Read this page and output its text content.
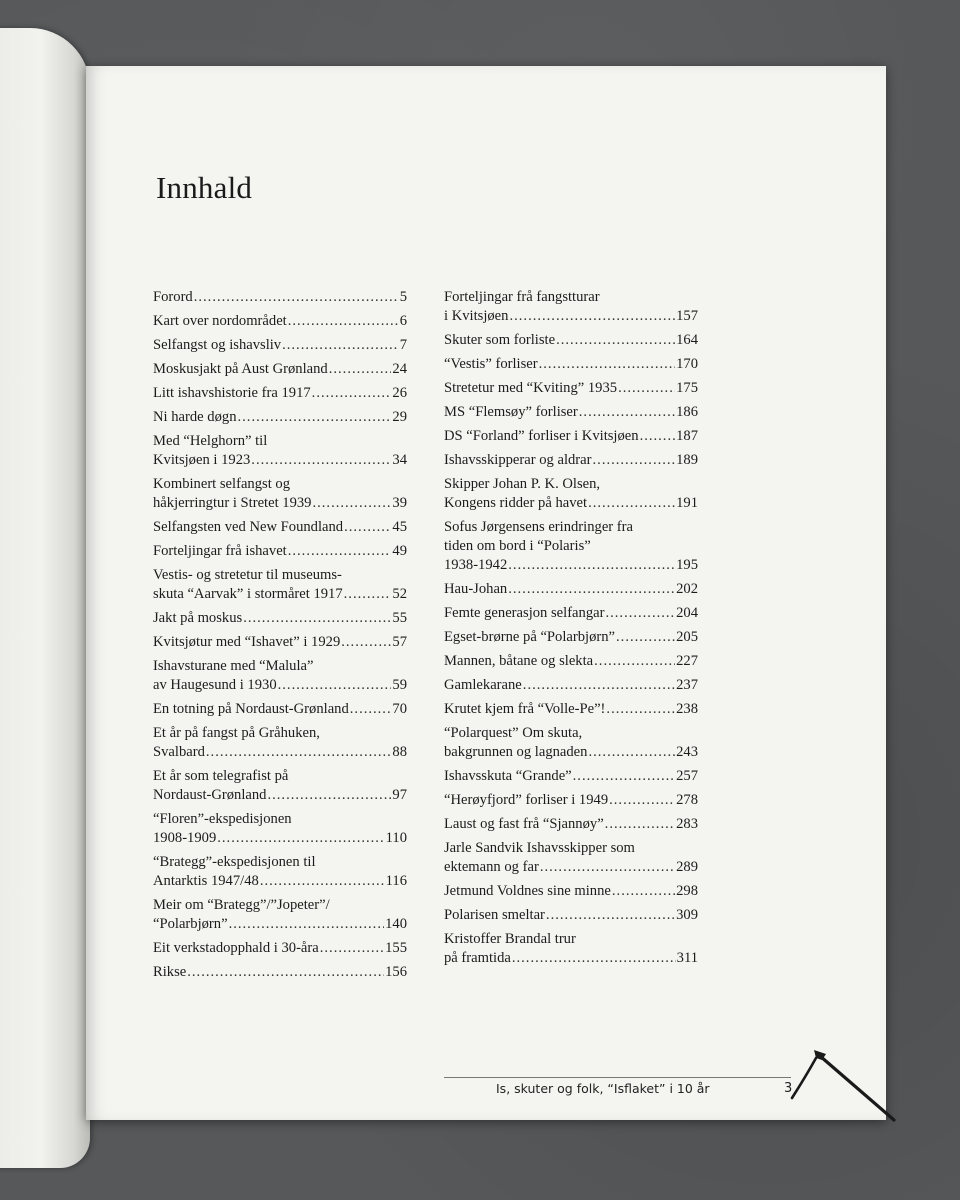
Innhald
Forord .....	5
Kart over nordområdet .....	6
Selfangst og ishavsliv .....	7
Moskusjakt på Aust Grønland .....	24
Litt ishavshistorie fra 1917 .....	26
Ni harde døgn .....	29
Med “Helghorn” til
Kvitsjøen i 1923 .....	34
Kombinert selfangst og
håkjerringtur i Stretet 1939 .....	39
Selfangsten ved New Foundland .....	45
Forteljingar frå ishavet .....	49
Vestis- og stretetur til museums-
skuta “Aarvak” i stormåret 1917 .....	52
Jakt på moskus .....	55
Kvitsjøtur med “Ishavet” i 1929 .....	57
Ishavsturane med “Malula”
av Haugesund i 1930 .....	59
En totning på Nordaust-Grønland .....	70
Et år på fangst på Gråhuken,
Svalbard .....	88
Et år som telegrafist på
Nordaust-Grønland .....	97
“Floren”-ekspedisjonen
1908-1909 .....	110
“Brategg”-ekspedisjonen til
Antarktis 1947/48 .....	116
Meir om “Brategg”/”Jopeter”/
“Polarbjørn” .....	140
Eit verkstadopphald i 30-åra .....	155
Rikse .....	156
Forteljingar frå fangstturar
i Kvitsjøen .....	157
Skuter som forliste .....	164
“Vestis” forliser .....	170
Stretetur med “Kviting” 1935 .....	175
MS “Flemsøy” forliser .....	186
DS “Forland” forliser i Kvitsjøen .....	187
Ishavsskipperar og aldrar .....	189
Skipper Johan P. K. Olsen,
Kongens ridder på havet .....	191
Sofus Jørgensens erindringer fra
tiden om bord i “Polaris”
1938-1942 .....	195
Hau-Johan .....	202
Femte generasjon selfangar .....	204
Egset-brørne på “Polarbjørn” .....	205
Mannen, båtane og slekta .....	227
Gamlekarane .....	237
Krutet kjem frå “Volle-Pe”! .....	238
“Polarquest” Om skuta,
bakgrunnen og lagnaden .....	243
Ishavsskuta “Grande” .....	257
“Herøyfjord” forliser i 1949 .....	278
Laust og fast frå “Sjannøy” .....	283
Jarle Sandvik Ishavsskipper som
ektemann og far .....	289
Jetmund Voldnes sine minne .....	298
Polarisen smeltar .....	309
Kristoffer Brandal trur
på framtida .....	311
Is, skuter og folk, “Isflaket” i 10 år	3
